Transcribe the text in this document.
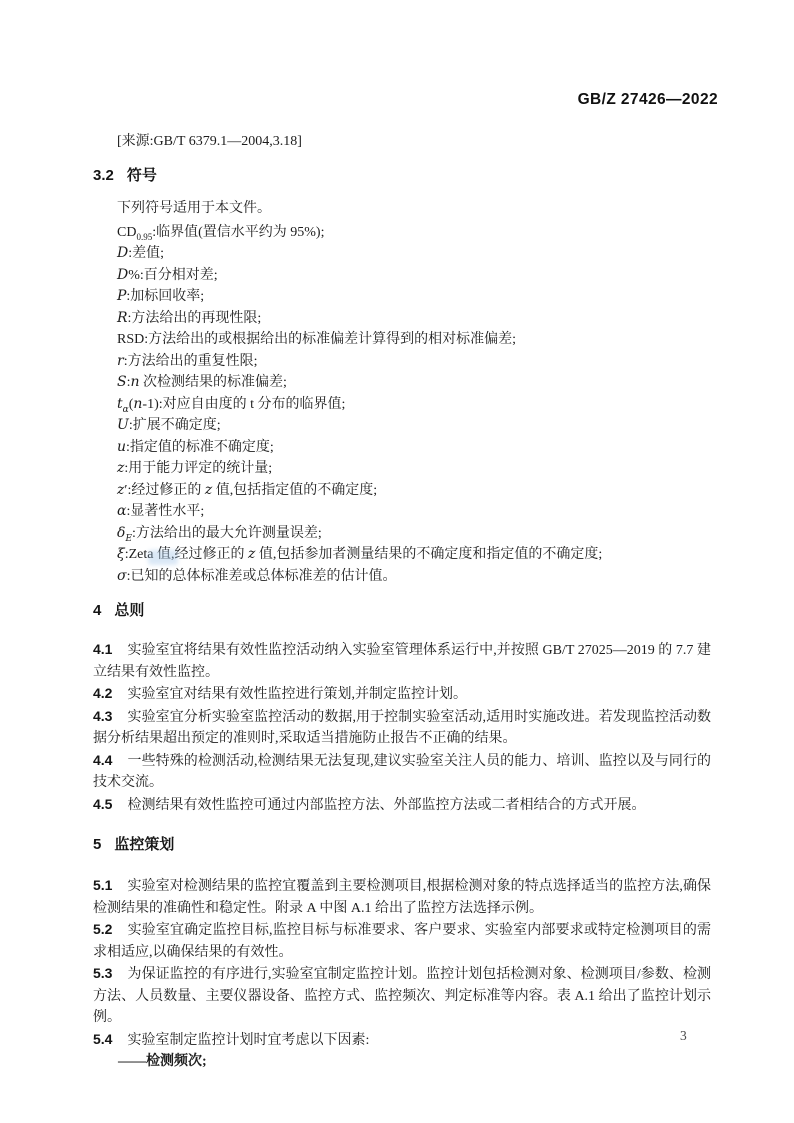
GB/Z 27426—2022

[来源:GB/T 6379.1—2004,3.18]

3.2 符号

下列符号适用于本文件。

$CD_{0.95}$:临界值(置信水平约为 95%);

D:差值;

D%:百分相对差;

P:加标回收率;

R:方法给出的再现性限;

RSD:方法给出的或根据给出的标准偏差计算得到的相对标准偏差;

r:方法给出的重复性限;

S:n 次检测结果的标准偏差;

$t_\alpha(n-1)$:对应自由度的 t 分布的临界值;

U:扩展不确定度;

u:指定值的标准不确定度;

z:用于能力评定的统计量;

z′:经过修正的 z 值,包括指定值的不确定度;

α:显著性水平;

$\delta_E$:方法给出的最大允许测量误差;

ξ:Zeta 值,经过修正的 z 值,包括参加者测量结果的不确定度和指定值的不确定度;

σ:已知的总体标准差或总体标准差的估计值。

4 总则

4.1 实验室宜将结果有效性监控活动纳入实验室管理体系运行中,并按照 GB/T 27025—2019 的 7.7 建立结果有效性监控。

4.2 实验室宜对结果有效性监控进行策划,并制定监控计划。

4.3 实验室宜分析实验室监控活动的数据,用于控制实验室活动,适用时实施改进。若发现监控活动数据分析结果超出预定的准则时,采取适当措施防止报告不正确的结果。

4.4 一些特殊的检测活动,检测结果无法复现,建议实验室关注人员的能力、培训、监控以及与同行的技术交流。

4.5 检测结果有效性监控可通过内部监控方法、外部监控方法或二者相结合的方式开展。

5 监控策划

5.1 实验室对检测结果的监控宜覆盖到主要检测项目,根据检测对象的特点选择适当的监控方法,确保检测结果的准确性和稳定性。附录 A 中图 A.1 给出了监控方法选择示例。

5.2 实验室宜确定监控目标,监控目标与标准要求、客户要求、实验室内部要求或特定检测项目的需求相适应,以确保结果的有效性。

5.3 为保证监控的有序进行,实验室宜制定监控计划。监控计划包括检测对象、检测项目/参数、检测方法、人员数量、主要仪器设备、监控方式、监控频次、判定标准等内容。表 A.1 给出了监控计划示例。

5.4 实验室制定监控计划时宜考虑以下因素:

——检测频次;

3
